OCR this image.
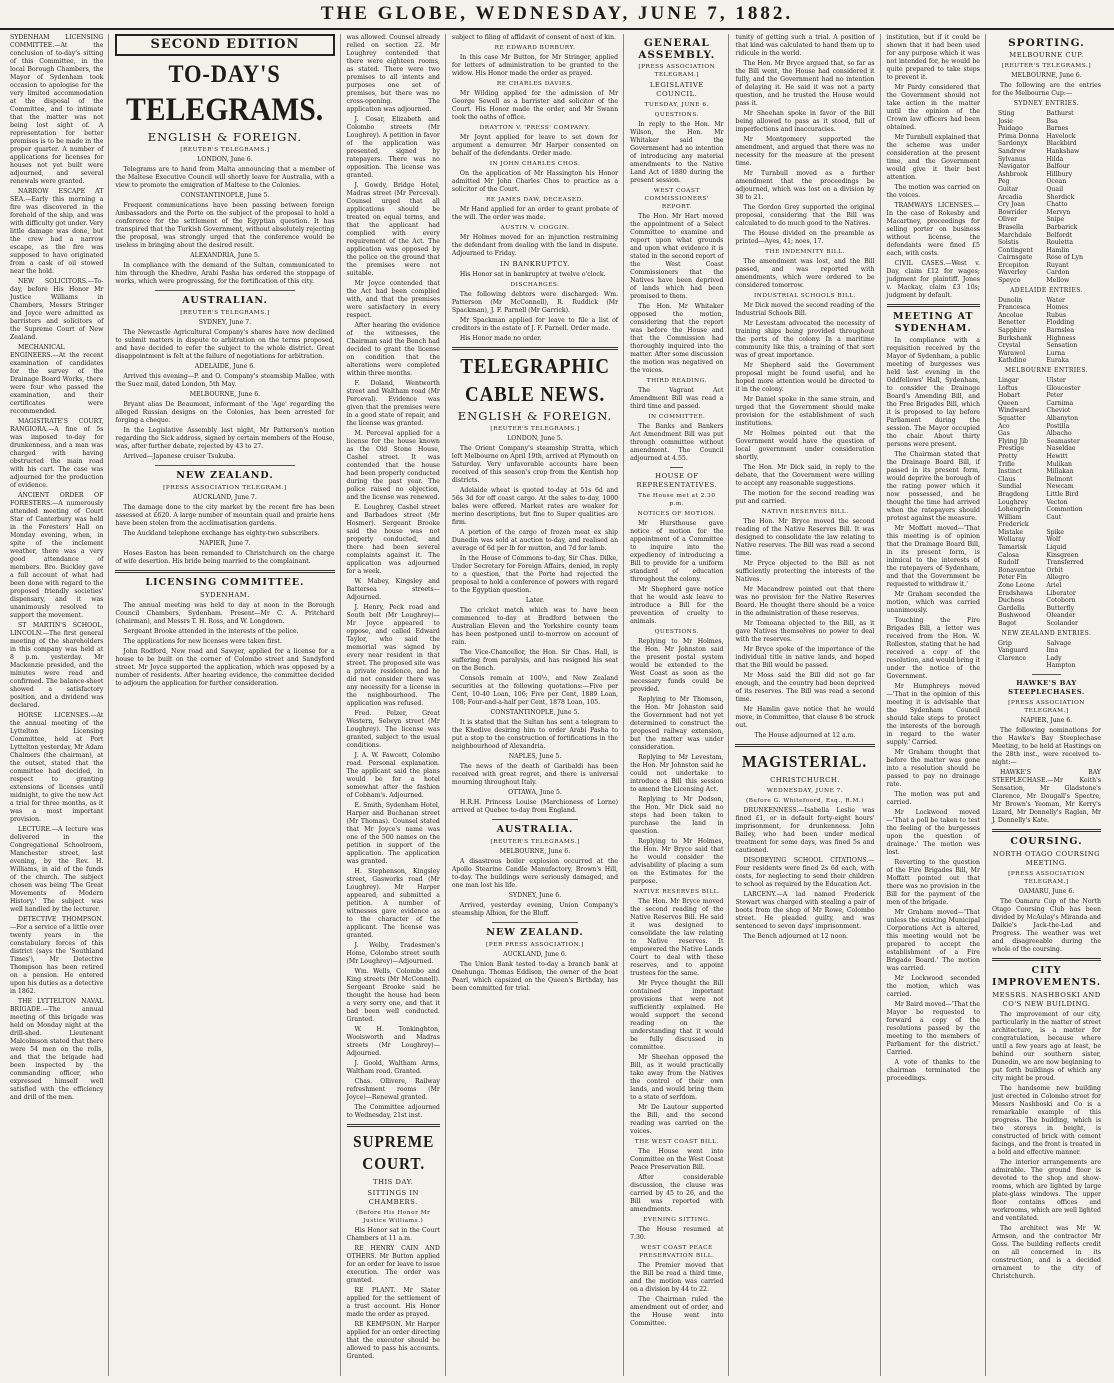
THE GLOBE, WEDNESDAY, JUNE 7, 1882.

SYDENHAM LICENSING COMMITTEE.—At the conclusion of to-day's sitting of this Committee, in the local Borough Chambers, the Mayor of Sydenham took occasion to apologise for the very limited accommodation at the disposal of the Committee, and to intimate that the matter was not being lost sight of. A representation for better premises is to be made in the proper quarter. A number of applications for licenses for houses not yet built were adjourned, and several renewals were granted.

NARROW ESCAPE AT SEA.—Early this morning a fire was discovered in the forehold of the ship, and was with difficulty got under. Very little damage was done, but the crew had a narrow escape, as the fire was supposed to have originated from a cask of oil stowed near the hold.

NEW SOLICITORS.—To-day, before His Honor Mr Justice Williams in Chambers, Messrs Stringer and Joyce were admitted as barristers and solicitors of the Supreme Court of New Zealand.

MECHANICAL ENGINEERS.—At the recent examination of candidates for the survey of the Drainage Board Works, there were four who passed the examination, and their certificates were recommended.

MAGISTRATE'S COURT, RANGIORA.—A fine of 5s was imposed to-day for drunkenness, and a man was charged with having obstructed the main road with his cart. The case was adjourned for the production of evidence.

ANCIENT ORDER OF FORESTERS.—A numerously attended meeting of Court Star of Canterbury was held in the Foresters' Hall on Monday evening, when, in spite of the inclement weather, there was a very good attendance of members. Bro. Buckley gave a full account of what had been done with regard to the proposed friendly societies' dispensary, and it was unanimously resolved to support the movement.

ST MARTIN'S SCHOOL, LINCOLN.—The first general meeting of the shareholders in this company was held at 8 p.m. yesterday. Mr Mackenzie presided, and the minutes were read and confirmed. The balance-sheet showed a satisfactory position, and a dividend was declared.

HORSE LICENSES.—At the annual meeting of the Lyttelton Licensing Committee, held at Port Lyttelton yesterday, Mr Adam Chalmers (the chairman), at the outset, stated that the committee had decided, in respect to granting extensions of licenses until midnight, to give the new Act a trial for three months, as it was a most important provision.

LECTURE.—A lecture was delivered in the Congregational Schoolroom, Manchester street, last evening, by the Rev. H. Williams, in aid of the funds of the church. The subject chosen was being 'The Great Movements of Modern History.' The subject was well handled by the lecturer.

DETECTIVE THOMPSON.—For a service of a little over twenty years in the constabulary forces of this district (says the 'Southland Times'), Mr Detective Thompson has been retired on a pension. He entered upon his duties as a detective in 1862.

THE LYTTELTON NAVAL BRIGADE.—The annual meeting of this brigade was held on Monday night at the drill-shed. Lieutenant Malcolmson stated that there were 54 men on the rolls, and that the brigade had been inspected by the commanding officer, who expressed himself well satisfied with the efficiency and drill of the men.

SECOND EDITION
TO-DAY'S
TELEGRAMS.
ENGLISH & FOREIGN.
[REUTER'S TELEGRAMS.]

LONDON, June 6.

Telegrams are to hand from Malta announcing that a member of the Maltese Executive Council will shortly leave for Australia, with a view to promote the emigration of Maltese to the Colonies.

CONSTANTINOPLE, June 5.

Frequent communications have been passing between foreign Ambassadors and the Porte on the subject of the proposal to hold a conference for the settlement of the Egyptian question. It has transpired that the Turkish Government, without absolutely rejecting the proposal, was strongly urged that the conference would be useless in bringing about the desired result.

ALEXANDRIA, June 5.

In compliance with the demand of the Sultan, communicated to him through the Khedive, Arabi Pasha has ordered the stoppage of works, which were progressing, for the fortification of this city.

AUSTRALIAN.
[REUTER'S TELEGRAMS.]

SYDNEY, June 7.

The Newcastle Agricultural Company's shares have now declined to submit matters in dispute to arbitration on the terms proposed, and have decided to refer the subject to the whole district. Great disappointment is felt at the failure of negotiations for arbitration.

ADELAIDE, June 6.

Arrived this evening—P. and O. Company's steamship Mallee, with the Suez mail, dated London, 5th May.

MELBOURNE, June 6.

Bryant alias De Beaumont, informant of the 'Age' regarding the alleged Russian designs on the Colonies, has been arrested for forging a cheque.

In the Legislative Assembly last night, Mr Patterson's motion regarding the Sick address, signed by certain members of the House, was, after further debate, rejected by 43 to 27.

Arrived—Japanese cruiser Tsukuba.

NEW ZEALAND.
[PRESS ASSOCIATION TELEGRAM.]

AUCKLAND, June 7.

The damage done to the city market by the recent fire has been assessed at £620. A large number of mountain quail and prairie hens have been stolen from the acclimatisation gardens.

The Auckland telephone exchange has eighty-two subscribers.

NAPIER, June 7.

Hoses Easton has been remanded to Christchurch on the charge of wife desertion. His bride being married to the complainant.

LICENSING COMMITTEE.
SYDENHAM.

The annual meeting was held to day at noon in the Borough Council Chambers, Sydenham. Present—Mr C. A. Pritchard (chairman), and Messrs T. H. Ross, and W. Longdown.

Sergeant Brooke attended in the interests of the police.

The applications for new licenses were taken first.

John Rodford, New road and Sawyer, applied for a license for a house to be built on the corner of Colombo street and Sandyford street. Mr Joyce supported the application, which was opposed by a number of residents. After hearing evidence, the committee decided to adjourn the application for further consideration.

was allowed. Counsel already relied on section 22. Mr Loughrey contended that there were eighteen rooms, as stated. There were two premises to all intents and purposes one set of premises, but there was no cross-opening. The application was adjourned.

J. Cosar, Elizabeth and Colombo streets (Mr Loughrey). A petition in favor of the application was presented, signed by ratepayers. There was no opposition. The license was granted.

J. Gowdy, Bridge Hotel, Madras street (Mr Perceval). Counsel urged that all applications should be treated on equal terms, and that the applicant had complied with every requirement of the Act. The application was opposed by the police on the ground that the premises were not suitable.

Mr Joyce contended that the Act had been complied with, and that the premises were satisfactory in every respect.

After hearing the evidence of the witnesses, the Chairman said the Bench had decided to grant the license on condition that the alterations were completed within three months.

F. Doland, Wentworth street and Waltham road (Mr Perceval). Evidence was given that the premises were in a good state of repair, and the license was granted.

M. Perceval applied for a license for the house known as the Old Stone House, Cashel street. It was contended that the house had been properly conducted during the past year. The police raised no objection, and the license was renewed.

E. Loughrey, Cashel street and Barbadoes street (Mr Hosmer). Sergeant Brooke said the house was not properly conducted, and there had been several complaints against it. The application was adjourned for a week.

W. Mabey, Kingsley and Battersea streets—Adjourned.

J. Henry, Peck road and South belt (Mr Loughrey)—Mr Joyce appeared to oppose, and called Edward Taylor, who said the memorial was signed by every near resident in that street. The proposed site was a private residence, and he did not consider there was any necessity for a license in the neighbourhood. The application was refused.

Fred. Pelzer, Great Western, Selwyn street (Mr Loughrey). The license was granted, subject to the usual conditions.

J. A. W. Fawcett, Colombo road. Personal explanation. The applicant said the plans would be for a hotel somewhat after the fashion of Cobham's. Adjourned.

E. Smith, Sydenham Hotel, Harper and Buchanan street (Mr Thomas). Counsel stated that Mr Joyce's name was one of the 500 names on the petition in support of the application. The application was granted.

H. Stephenson, Kingsley street, Gasworks road (Mr Loughrey). Mr Harper appeared, and submitted a petition. A number of witnesses gave evidence as to the character of the applicant. The license was granted.

J. Welby, Tradesmen's Home, Colombo street south (Mr Loughrey)—Adjourned.

Wm. Wells, Colombo and King streets (Mr McConnell). Sergeant Brooke said he thought the house had been a very sorry one, and that it had been well conducted. Granted.

W. H. Tonkinghton, Woolsworth and Madras streets (Mr Loughrey)—Adjourned.

J. Goold, Waltham Arms, Waltham road. Granted.

Chas. Ollivere, Railway refreshment rooms (Mr Joyce)—Renewal granted.

The Committee adjourned to Wednesday, 21st inst.

SUPREME COURT.
THIS DAY.
SITTINGS IN CHAMBERS.
(Before His Honor Mr Justice Williams.)

His Honor sat in the Court Chambers at 11 a.m.

RE HENRY CAIN AND OTHERS. Mr Button applied for an order for leave to issue execution. The order was granted.

RE PLANT. Mr Slater applied for the settlement of a trust account. His Honor made the order as prayed.

RE KEMPSON. Mr Harper applied for an order directing that the executor should be allowed to pass his accounts. Granted.

subject to filing of affidavit of consent of next of kin.

RE EDWARD BURBURY.

In this case Mr Button, for Mr Stringer, applied for letters of administration to be granted to the widow. His Honor made the order as prayed.

RE CHARLES DAVIES.

Mr Wilding applied for the admission of Mr George Sewell as a barrister and solicitor of the Court. His Honor made the order, and Mr Swann took the oaths of office.

DRAYTON V. 'PRESS' COMPANY.

Mr Joynt applied for leave to set down for argument a demurrer. Mr Harper consented on behalf of the defendants. Order made.

IN JOHN CHARLES CHOS.

On the application of Mr Hassington his Honor admitted Mr John Charles Chos to practice as a solicitor of the Court.

RE JAMES DAW, DECEASED.

Mr Hand applied for an order to grant probate of the will. The order was made.

AUSTIN V. COGGIN.

Mr Holmes moved for an injunction restraining the defendant from dealing with the land in dispute. Adjourned to Friday.

IN BANKRUPTCY.

His Honor sat in bankruptcy at twelve o'clock.

DISCHARGES.

The following debtors were discharged: Wm. Patterson (Mr McConnell), R. Ruddick (Mr Spackman), J. F. Parnell (Mr Garrick).

Mr Spackman applied for leave to file a list of creditors in the estate of J. F. Parnell. Order made.

His Honor made no order.

TELEGRAPHIC
CABLE NEWS.
ENGLISH & FOREIGN.
[REUTER'S TELEGRAMS.]

LONDON, June 5.

The Orient Company's steamship Stratta, which left Melbourne on April 19th, arrived at Plymouth on Saturday. Very unfavorable accounts have been received of this season's crop from the Kentish hop districts.

Adelaide wheat is quoted to-day at 51s 6d and 56s 3d for off coast cargo. At the sales to-day, 1000 bales were offered. Market rates are weaker for merino descriptions, but fine to Super qualities are firm.

A portion of the cargo of frozen meat ex ship Dunedin was sold at auction to-day, and realised an average of 6d per lb for mutton, and 7d for lamb.

In the House of Commons to-day, Sir Chas. Dilke, Under Secretary for Foreign Affairs, denied, in reply to a question, that the Porte had rejected the proposal to hold a conference of powers with regard to the Egyptian question.

Later.

The cricket match which was to have been commenced to-day at Bradford between the Australian Eleven and the Yorkshire county team has been postponed until to-morrow on account of rain.

The Vice-Chancellor, the Hon. Sir Chas. Hall, is suffering from paralysis, and has resigned his seat on the Bench.

Consols remain at 100½, and New Zealand securities at the following quotations:—Five per Cent, 10-40 Loan, 106; Five per Cent, 1889 Loan, 108; Four-and-a-half per Cent, 1878 Loan, 105.

CONSTANTINOPLE, June 5.

It is stated that the Sultan has sent a telegram to the Khedive desiring him to order Arabi Pasha to put a stop to the construction of fortifications in the neighbourhood of Alexandria.

NAPLES, June 5.

The news of the death of Garibaldi has been received with great regret, and there is universal mourning throughout Italy.

OTTAWA, June 5.

H.R.H. Princess Louise (Marchioness of Lorne) arrived at Quebec to-day from England.

AUSTRALIA.
[REUTER'S TELEGRAMS.]

MELBOURNE, June 6.

A disastrous boiler explosion occurred at the Apollo Stearine Candle Manufactory, Brown's Hill, to-day. The buildings were seriously damaged, and one man lost his life.

SYDNEY, June 6.

Arrived, yesterday evening, Union Company's steamship Albion, for the Bluff.

NEW ZEALAND.
[PER PRESS ASSOCIATION.]

AUCKLAND, June 6.

The Union Bank tested to-day a branch bank at Onehunga. Thomas Eddison, the owner of the boat Pearl, which capsized on the Queen's Birthday, has been committed for trial.

GENERAL ASSEMBLY.
[PRESS ASSOCIATION TELEGRAM.]
LEGISLATIVE COUNCIL.
TUESDAY, JUNE 6.
QUESTIONS.

In reply to the Hon. Mr Wilson, the Hon. Mr Whitaker said the Government had no intention of introducing any material amendments to the Native Land Act of 1880 during the present session.

WEST COAST COMMISSIONERS' REPORT.

The Hon. Mr Hart moved the appointment of a Select Committee to examine and report upon what grounds and upon what evidence it is stated in the second report of the West Coast Commissioners that the Natives have been deprived of lands which had been promised to them.

The Hon. Mr Whitaker opposed the motion, considering that the report was before the House and that the Commission had thoroughly inquired into the matter. After some discussion the motion was negatived on the voices.

THIRD READING.

The Vagrant Act Amendment Bill was read a third time and passed.

IN COMMITTEE.

The Banks and Bankers Act Amendment Bill was put through committee without amendment. The Council adjourned at 4.55.

HOUSE OF REPRESENTATIVES.
The House met at 2.30 p.m.
NOTICES OF MOTION.

Mr Hursthouse gave notice of motion for the appointment of a Committee to inquire into the expediency of introducing a Bill to provide for a uniform standard of education throughout the colony.

Mr Shepherd gave notice that he would ask leave to introduce a Bill for the prevention of cruelty to animals.

QUESTIONS.

Replying to Mr Holmes, the Hon. Mr Johnston said the present postal system would be extended to the West Coast as soon as the necessary funds could be provided.

Replying to Mr Thomson, the Hon. Mr Johnston said the Government had not yet determined to construct the proposed railway extension, but the matter was under consideration.

Replying to Mr Levestam, the Hon. Mr Johnston said he could not undertake to introduce a Bill this session to amend the Licensing Act.

Replying to Mr Dodson, the Hon. Mr Dick said no steps had been taken to purchase the land in question.

Replying to Mr Holmes, the Hon. Mr Bryce said that he would consider the advisability of placing a sum on the Estimates for the purpose.

NATIVE RESERVES BILL.

The Hon. Mr Bryce moved the second reading of the Native Reserves Bill. He said it was designed to consolidate the law relating to Native reserves. It empowered the Native Lands Court to deal with these reserves, and to appoint trustees for the same.

Mr Pryce thought the Bill contained important provisions that were not sufficiently explained. He would support the second reading on the understanding that it would be fully discussed in committee.

Mr Sheehan opposed the Bill, as it would practically take away from the Natives the control of their own lands, and would bring them to a state of serfdom.

Mr De Lautour supported the Bill, and the second reading was carried on the voices.

THE WEST COAST BILL.

The House went into Committee on the West Coast Peace Preservation Bill.

After considerable discussion, the clause was carried by 45 to 26, and the Bill was reported with amendments.

EVENING SITTING.

The House resumed at 7.30.

WEST COAST PEACE PRESERVATION BILL.

The Premier moved that the Bill be read a third time, and the motion was carried on a division by 44 to 22.

The Chairman ruled the amendment out of order, and the House went into Committee.

tunity of getting such a trial. A position of that kind was calculated to hand them up to ridicule in the world.

The Hon. Mr Bryce argued that, so far as the Bill went, the House had considered it fully, and the Government had no intention of delaying it. He said it was not a party question, and he trusted the House would pass it.

Mr Sheehan spoke in favor of the Bill being allowed to pass as it stood, full of imperfections and inaccuracies.

Mr Montgomery supported the amendment, and argued that there was no necessity for the measure at the present time.

Mr Turnbull moved as a further amendment that the proceedings be adjourned, which was lost on a division by 38 to 21.

The Gordon Grey supported the original proposal, considering that the Bill was calculated to do much good to the Natives.

The House divided on the preamble as printed—Ayes, 41; noes, 17.

THE INDEMNITY BILL.

The amendment was lost, and the Bill passed, and was reported with amendments, which were ordered to be considered tomorrow.

INDUSTRIAL SCHOOLS BILL.

Mr Dick moved the second reading of the Industrial Schools Bill.

Mr Levestam advocated the necessity of training ships being provided throughout the ports of the colony. In a maritime community like this, a training of that sort was of great importance.

Mr Shepherd said the Government proposal might be found useful, and he hoped more attention would be directed to it in the colony.

Mr Daniel spoke in the same strain, and urged that the Government should make provision for the establishment of such institutions.

Mr Holmes pointed out that the Government would have the question of local government under consideration shortly.

The Hon. Mr Dick said, in reply to the debate, that the Government were willing to accept any reasonable suggestions.

The motion for the second reading was put and carried.

NATIVE RESERVES BILL.

The Hon. Mr Bryce moved the second reading of the Native Reserves Bill. It was designed to consolidate the law relating to Native reserves. The Bill was read a second time.

Mr Pryce objected to the Bill as not sufficiently protecting the interests of the Natives.

Mr Macandrew pointed out that there was no provision for the Native Reserves Board. He thought there should be a voice in the administration of these reserves.

Mr Tomoana objected to the Bill, as it gave Natives themselves no power to deal with the reserves.

Mr Bryce spoke of the importance of the individual title in native lands, and hoped that the Bill would be passed.

Mr Moss said the Bill did not go far enough, and the country had been deprived of its reserves. The Bill was read a second time.

Mr Hamlin gave notice that he would move, in Committee, that clause 8 be struck out.

The House adjourned at 12 a.m.

MAGISTERIAL.
CHRISTCHURCH.
WEDNESDAY, JUNE 7.
(Before G. Whitefoord, Esq., R.M.)

DRUNKENNESS.—Isabella Leslie was fined £1, or in default forty-eight hours' imprisonment, for drunkenness. John Bailey, who had been under medical treatment for some days, was fined 5s and cautioned.

DISOBEYING SCHOOL CITATIONS.—Four residents were fined 2s 6d each, with costs, for neglecting to send their children to school as required by the Education Act.

LARCENY.—A lad named Frederick Stewart was charged with stealing a pair of boots from the shop of Mr Rowe, Colombo street. He pleaded guilty, and was sentenced to seven days' imprisonment.

The Bench adjourned at 12 noon.

institution, but if it could be shown that it had been used for any purpose which it was not intended for, he would be quite prepared to take steps to prevent it.

Mr Pardy considered that the Government should not take action in the matter until the opinion of the Crown law officers had been obtained.

Mr Turnbull explained that the scheme was under consideration at the present time, and the Government would give it their best attention.

The motion was carried on the voices.

TRAMWAYS LICENSES.—In the case of Rokesby and Macartney, proceedings for selling porter on business without license, the defendants were fined £5 each, with costs.

CIVIL CASES.—West v. Day, claim £12 for wages; judgment for plaintiff. Jones v. Mackay, claim £3 10s; judgment by default.

MEETING AT SYDENHAM.

In compliance with a requisition received by the Mayor of Sydenham, a public meeting of burgesses was held last evening in the Oddfellows' Hall, Sydenham, to consider the Drainage Board's Amending Bill, and the Free Brigades Bill, which it is proposed to lay before Parliament during the session. The Mayor occupied the chair. About thirty persons were present.

The Chairman stated that the Drainage Board Bill, if passed in its present form, would deprive the borough of the rating power which it now possessed, and he thought the time had arrived when the ratepayers should protest against the measure.

Mr Moffatt moved—'That this meeting is of opinion that the Drainage Board Bill, in its present form, is inimical to the interests of the ratepayers of Sydenham, and that the Government be requested to withdraw it.'

Mr Graham seconded the motion, which was carried unanimously.

Touching the Fire Brigades Bill, a letter was received from the Hon. W. Rolleston, stating that he had received a copy of the resolution, and would bring it under the notice of the Government.

Mr Humphreys moved—'That in the opinion of this meeting it is advisable that the Sydenham Council should take steps to protect the interests of the borough in regard to the water supply.' Carried.

Mr Graham thought that before the matter was gone into a resolution should be passed to pay no drainage rate.

The motion was put and carried.

Mr Lockwood moved—'That a poll be taken to test the feeling of the burgesses upon the question of drainage.' The motion was lost.

Reverting to the question of the Fire Brigades Bill, Mr Moffatt pointed out that there was no provision in the Bill for the payment of the men of the brigade.

Mr Graham moved—'That unless the existing Municipal Corporations Act is altered, this meeting would not be prepared to accept the establishment of a Fire Brigade Board.' The motion was carried.

Mr Lockwood seconded the motion, which was carried.

Mr Baird moved—'That the Mayor be requested to forward a copy of the resolutions passed by the meeting to the members of Parliament for the district.' Carried.

A vote of thanks to the chairman terminated the proceedings.

SPORTING.
MELBOURNE CUP.
[REUTER'S TELEGRAMS.]

MELBOURNE, June 6.

The following are the entries for the Melbourne Cup:—

SYDNEY ENTRIES.
Sting	Bathurst
Josie	Bsa
Paidago	Barnes
Prima Donna	Havelock
Sardonyx	Blackbird
Sandrew	Hankshaw
Sylvanus	Hilda
Navigator	Balfour
Ashbrook	Hillbury
Peg	Ocean
Guitar	Quail
Arcadia	Sherdick
Cry Joan	Chatto
Bowrider	Mervyn
Oliver	Snipe
Brasella	Barbarick
Marchdale	Belfordt
Solstis	Rouletta
Contingent	Hamlin
Cairnsgate	Rose of Lyn
Ercepiton	Ruyant
Waverley	Cardon
Speyco	Mellow
ADELAIDE ENTRIES.
Dunolin	Water
Francesca	Homes
Ancolue	Rubus
Benetter	Flodding
Sapphire	Barnslea
Burkshank	Highness
Crystal	Sensation
Warawol	Lurna
Kathdine	Euraka
MELBOURNE ENTRIES.
Lingar	Ulster
Loftus	Gloucester
Hobart	Peter
Queen	Carnima
Windward	Cheviot
Squatter	Albanyton
Aco	Postilla
Gas	Albacho
Flying Jib	Seamaster
Prestige	Naseldae
Pretty	Hewitt
Trifle	Mulikan
Instinct	Millakan
Claus	Belmont
Sundial	Newcam
Bragdong	Little Bird
Loughrey	Vecton
Lohengrin	Commotion
William Frederick
Caut
Mistake	Spike
Wollaray	Wolf
Tamarisk	Liquid
Calosa	Kinsgreen
Rudolf	Transferred
Bonaventue	Orbit
Peter Fin	Allegro
Zone Leone	Ariel
Eradshawa	Liberator
Duchess	Cotoborn
Gardella	Butterfly
Bushwood	Oleander
Bagot	Scolander
NEW ZEALAND ENTRIES.
Grip	Salvage
Vanguard	Ima
Clarence	Lady Hampton
HAWKE'S BAY STEEPLECHASES.
[PRESS ASSOCIATION TELEGRAM.]

NAPIER, June 6.

The following nominations for the Hawke's Bay Steeplechase Meeting, to be held at Hastings on the 28th inst., were received to-night:—

HAWKE'S BAY STEEPLECHASE.—Mr Keith's Sensation, Mr Gladstone's Clarence, Mr Dougall's Spectre, Mr Brown's Yeoman, Mr Kerry's Lizard, Mr Donnelly's Raglan, Mr J. Donnelly's Kate.

COURSING.
NORTH OTAGO COURSING MEETING.
[PRESS ASSOCIATION TELEGRAM.]

OAMARU, June 6.

The Oamaru Cup of the North Otago Coursing Club has been divided by McAulay's Miranda and Dalkie's Jack-the-Lad and Progress. The weather was wet and disagreeable during the whole of the coursing.

CITY IMPROVEMENTS.
MESSRS. NASHBOSKI AND CO'S NEW BUILDING.

The improvement of our city, particularly in the matter of street architecture, is a matter for congratulation, because where until a few years ago at least, be behind our southern sister, Dunedin, we are now beginning to put forth buildings of which any city might be proud.

The handsome new building just erected in Colombo street for Messrs Nashboski and Co is a remarkable example of this progress. The building, which is two storeys in height, is constructed of brick with cement facings, and the front is treated in a bold and effective manner.

The interior arrangements are admirable. The ground floor is devoted to the shop and show-rooms, which are lighted by large plate-glass windows. The upper floor contains offices and workrooms, which are well lighted and ventilated.

The architect was Mr W. Armson, and the contractor Mr Goss. The building reflects credit on all concerned in its construction, and is a decided ornament to the city of Christchurch.
